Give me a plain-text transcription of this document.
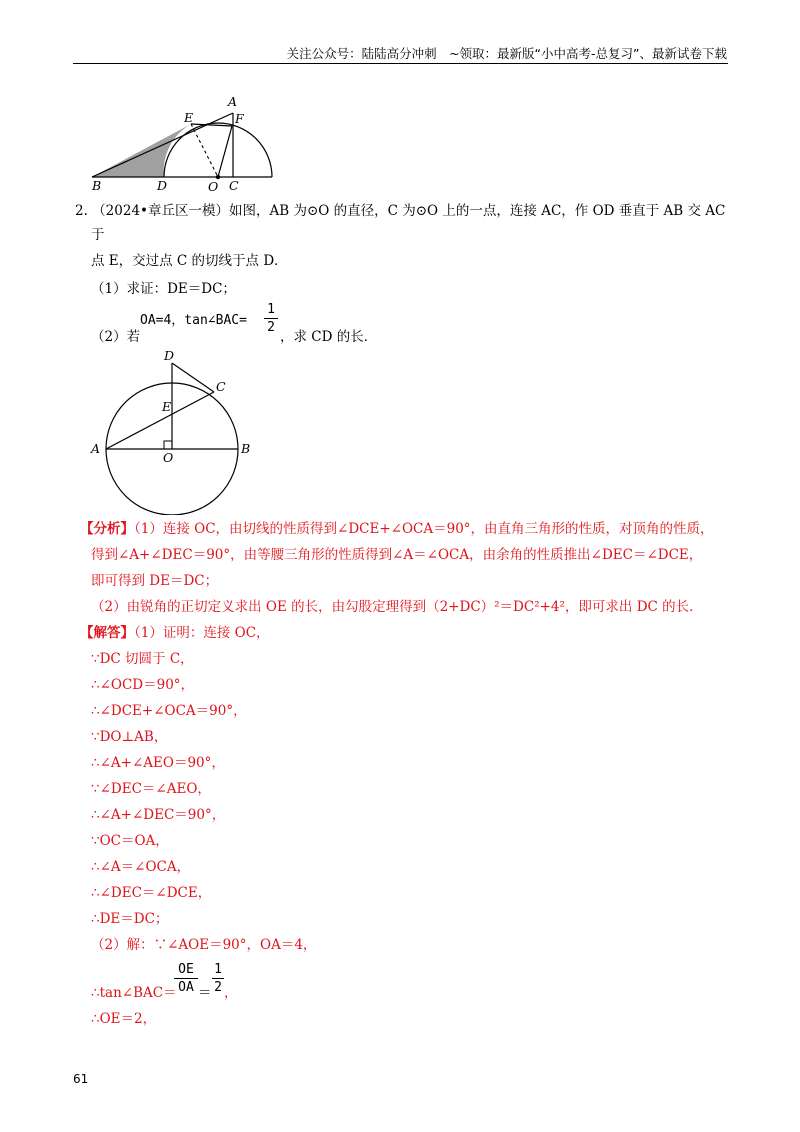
关注公众号：陆陆高分冲刺　~领取：最新版“小中高考-总复习”、最新试卷下载
A
E	F
B	D	O C
2. （2024•章丘区一模）如图，AB 为⊙O 的直径，C 为⊙O 上的一点，连接 AC，作 OD 垂直于 AB 交 AC
于
点 E，交过点 C 的切线于点 D．
（1）求证：DE＝DC；
（2）若
OA=4，tan∠BAC=
1
2
，求 CD 的长．
D
C
E
A
O
B
【分析】（1）连接 OC，由切线的性质得到∠DCE+∠OCA＝90°，由直角三角形的性质，对顶角的性质，
得到∠A+∠DEC＝90°，由等腰三角形的性质得到∠A＝∠OCA，由余角的性质推出∠DEC＝∠DCE，
即可得到 DE＝DC；
（2）由锐角的正切定义求出 OE 的长，由勾股定理得到（2+DC）²＝DC²+4²，即可求出 DC 的长．
【解答】（1）证明：连接 OC，
∵DC 切圆于 C，
∴∠OCD＝90°，
∴∠DCE+∠OCA＝90°，
∵DO⊥AB，
∴∠A+∠AEO＝90°，
∵∠DEC＝∠AEO，
∴∠A+∠DEC＝90°，
∵OC＝OA，
∴∠A＝∠OCA，
∴∠DEC＝∠DCE，
∴DE＝DC；
（2）解：∵∠AOE＝90°，OA＝4，
∴tan∠BAC＝
OE
OA ＝
1
2 ，
∴OE＝2，
61
